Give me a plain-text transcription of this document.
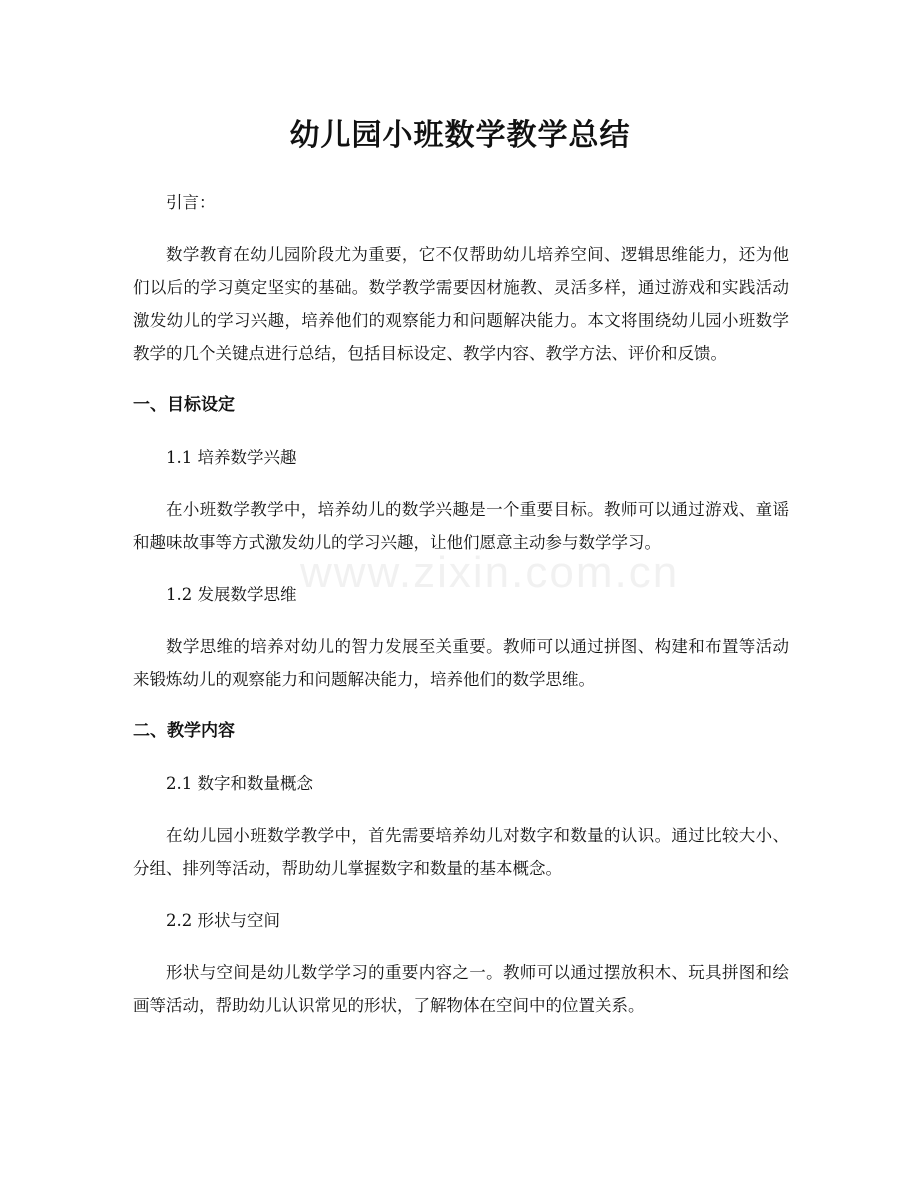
幼儿园小班数学教学总结
www.zixin.com.cn

引言：

数学教育在幼儿园阶段尤为重要，它不仅帮助幼儿培养空间、逻辑思维能力，还为他们以后的学习奠定坚实的基础。数学教学需要因材施教、灵活多样，通过游戏和实践活动激发幼儿的学习兴趣，培养他们的观察能力和问题解决能力。本文将围绕幼儿园小班数学教学的几个关键点进行总结，包括目标设定、教学内容、教学方法、评价和反馈。

一、目标设定
1.1 培养数学兴趣

在小班数学教学中，培养幼儿的数学兴趣是一个重要目标。教师可以通过游戏、童谣和趣味故事等方式激发幼儿的学习兴趣，让他们愿意主动参与数学学习。

1.2 发展数学思维

数学思维的培养对幼儿的智力发展至关重要。教师可以通过拼图、构建和布置等活动来锻炼幼儿的观察能力和问题解决能力，培养他们的数学思维。

二、教学内容
2.1 数字和数量概念

在幼儿园小班数学教学中，首先需要培养幼儿对数字和数量的认识。通过比较大小、分组、排列等活动，帮助幼儿掌握数字和数量的基本概念。

2.2 形状与空间

形状与空间是幼儿数学学习的重要内容之一。教师可以通过摆放积木、玩具拼图和绘画等活动，帮助幼儿认识常见的形状，了解物体在空间中的位置关系。
